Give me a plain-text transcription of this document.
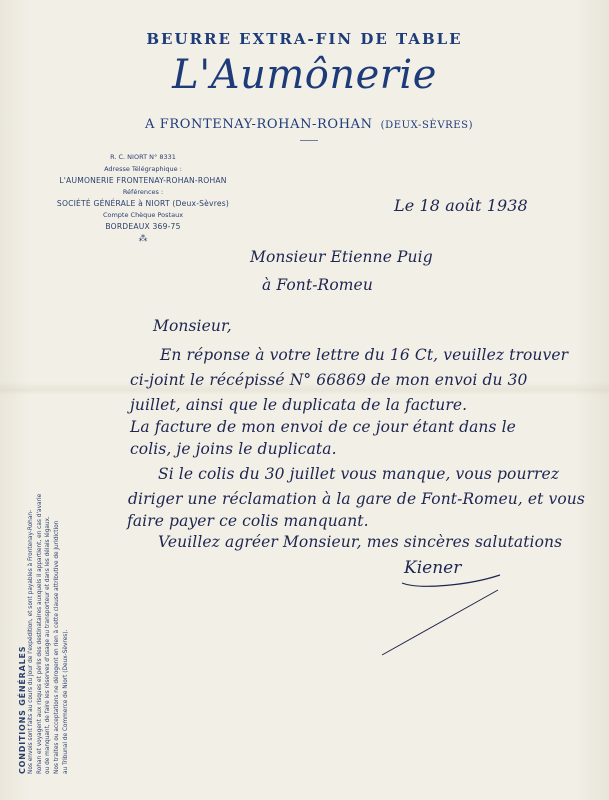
BEURRE EXTRA-FIN DE TABLE
L'Aumônerie
A FRONTENAY-ROHAN-ROHAN (DEUX-SÈVRES)
R. C. NIORT N° 8331
Adresse Télégraphique :
L'AUMONERIE FRONTENAY-ROHAN-ROHAN
Références :
SOCIÉTÉ GÉNÉRALE à NIORT (Deux-Sèvres)
Compte Chèque Postaux
BORDEAUX 369-75
⁂
CONDITIONS GÉNÉRALES Nos envois sont faits au cours du jour de l'expédition, et sont payables à Frontenay-Rohan- Rohan et voyagent aux risques et périls des destinataires auxquels il appartient, en cas d'avarie ou de manquant, de faire les réserves d'usage au transporteur et dans les délais légaux. Nos traites ou acceptations ne dérogent en rien à cette clause attributive de juridiction au Tribunal de Commerce de Niort (Deux-Sèvres).
Le 18 août 1938
Monsieur Etienne Puig
à Font-Romeu
Monsieur,
En réponse à votre lettre du 16 Ct, veuillez trouver
ci-joint le récépissé N° 66869 de mon envoi du 30
juillet, ainsi que le duplicata de la facture.
La facture de mon envoi de ce jour étant dans le
colis, je joins le duplicata.
Si le colis du 30 juillet vous manque, vous pourrez
diriger une réclamation à la gare de Font-Romeu, et vous
faire payer ce colis manquant.
Veuillez agréer Monsieur, mes sincères salutations
Kiener
